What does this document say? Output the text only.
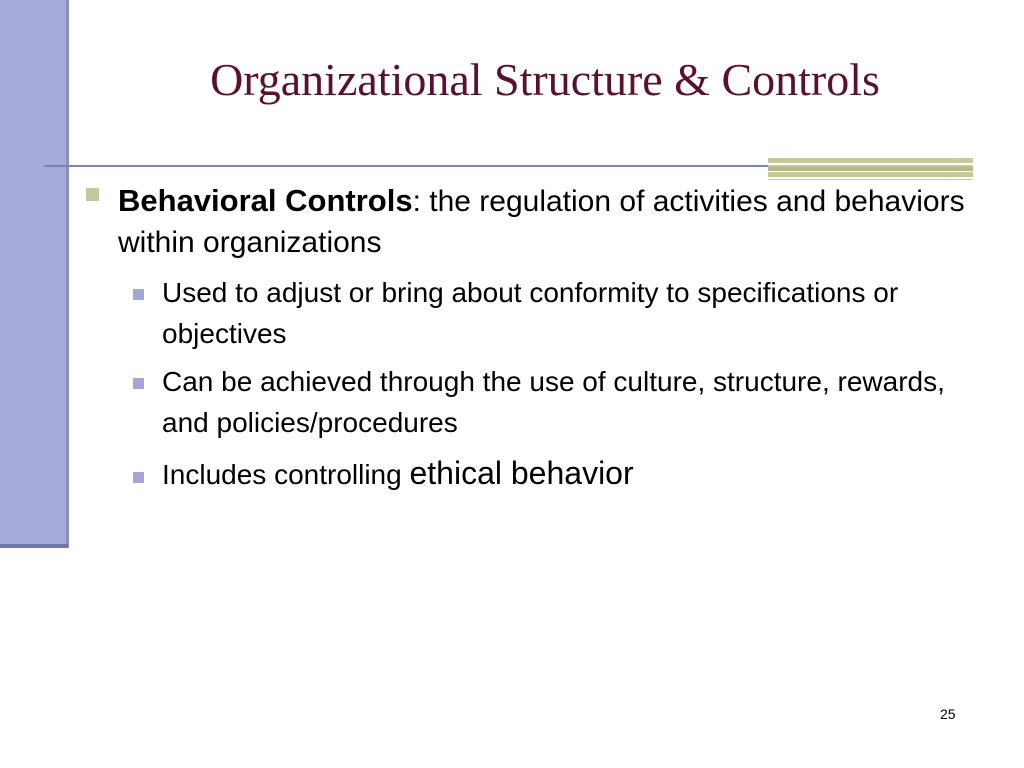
Organizational Structure & Controls
Behavioral Controls: the regulation of activities and behaviors within organizations
Used to adjust or bring about conformity to specifications or objectives
Can be achieved through the use of culture, structure, rewards, and policies/procedures
Includes controlling ethical behavior
25
